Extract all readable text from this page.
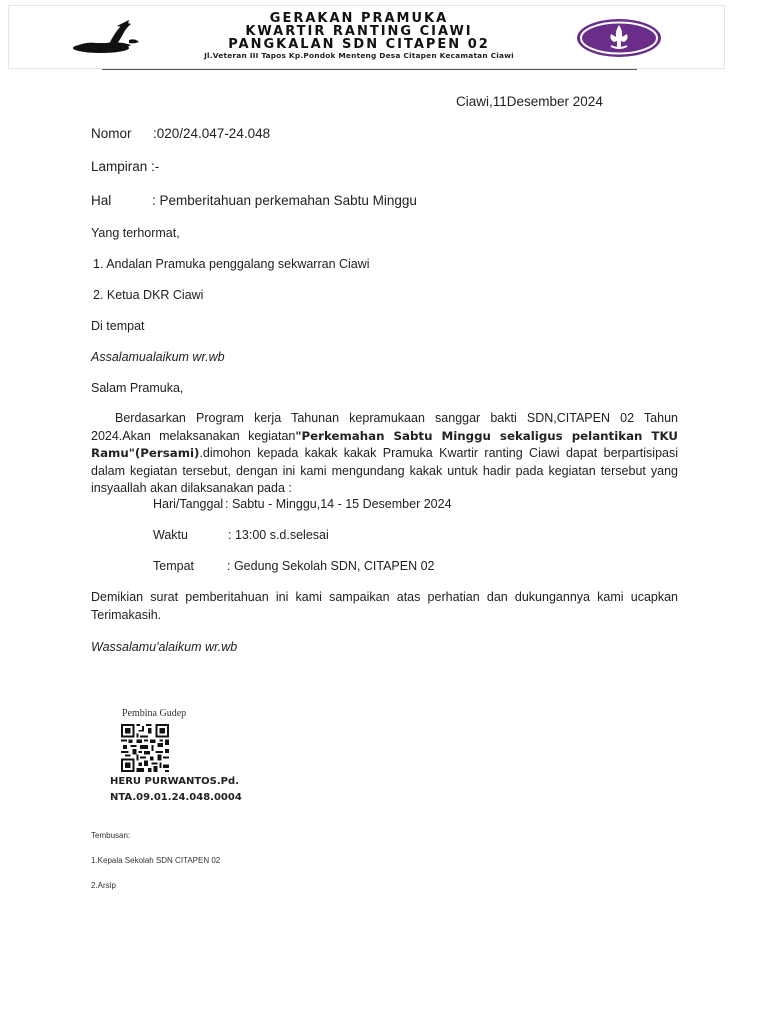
GERAKAN PRAMUKA
KWARTIR RANTING CIAWI
PANGKALAN SDN CITAPEN 02
Jl.Veteran III Tapos Kp.Pondok Menteng Desa Citapen Kecamatan Ciawi
Ciawi,11Desember 2024
Nomor :020/24.047-24.048
Lampiran :-
Hal	: Pemberitahuan perkemahan Sabtu Minggu
Yang terhormat,
1. Andalan Pramuka penggalang sekwarran Ciawi
2. Ketua DKR Ciawi
Di tempat
Assalamualaikum wr.wb
Salam Pramuka,
Berdasarkan Program kerja Tahunan kepramukaan sanggar bakti SDN,CITAPEN 02 Tahun 2024.Akan melaksanakan kegiatan"Perkemahan Sabtu Minggu sekaligus pelantikan TKU Ramu"(Persami).dimohon kepada kakak kakak Pramuka Kwartir ranting Ciawi dapat berpartisipasi dalam kegiatan tersebut, dengan ini kami mengundang kakak untuk hadir pada kegiatan tersebut yang insyaallah akan dilaksanakan pada :
Hari/Tanggal : Sabtu - Minggu,14 - 15 Desember 2024
Waktu	: 13:00 s.d.selesai
Tempat	: Gedung Sekolah SDN, CITAPEN 02
Demikian surat pemberitahuan ini kami sampaikan atas perhatian dan dukungannya kami ucapkan Terimakasih.
Wassalamu'alaikum wr.wb
Pembina Gudep
HERU PURWANTOS.Pd.
NTA.09.01.24.048.0004
Tembusan:
1.Kepala Sekolah SDN CITAPEN 02
2.Arsip
